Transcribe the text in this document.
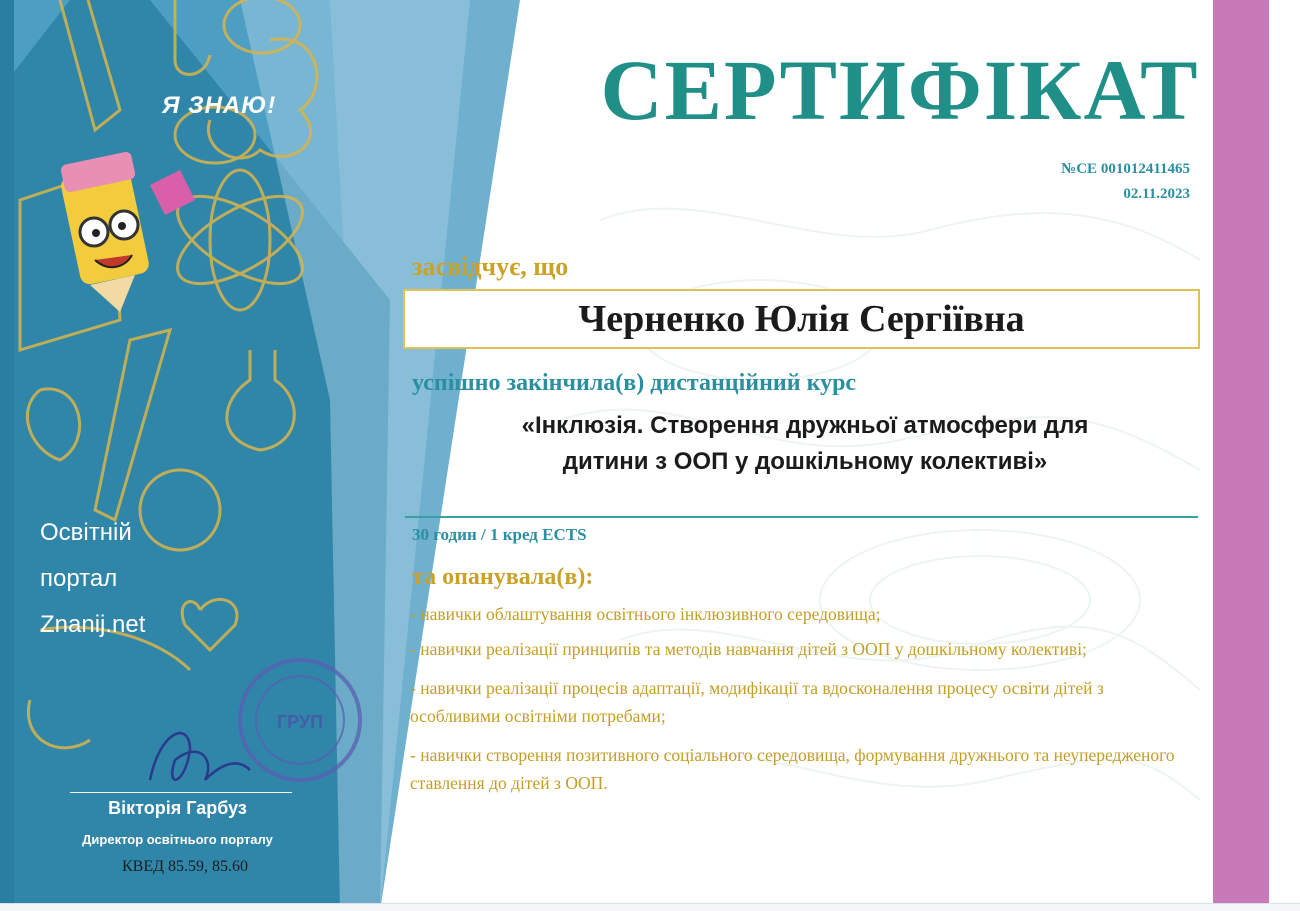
ГРУП
Я ЗНАЮ!
Освітній
портал
Znanij.net
Вікторія Гарбуз
Директор освітнього порталу
КВЕД 85.59, 85.60
СЕРТИФІКАТ
№СЕ 001012411465
02.11.2023
засвідчує, що
Черненко Юлія Сергіївна
успішно закінчила(в) дистанційний курс
«Інклюзія. Створення дружньої атмосфери для
дитини з ООП у дошкільному колективі»
30 годин / 1 кред ECTS
та опанувала(в):
- навички облаштування освітнього інклюзивного середовища;
- навички реалізації принципів та методів навчання дітей з ООП у дошкільному колективі;
- навички реалізації процесів адаптації, модифікації та вдосконалення процесу освіти дітей з особливими освітніми потребами;
- навички створення позитивного соціального середовища, формування дружнього та неупередженого ставлення до дітей з ООП.
